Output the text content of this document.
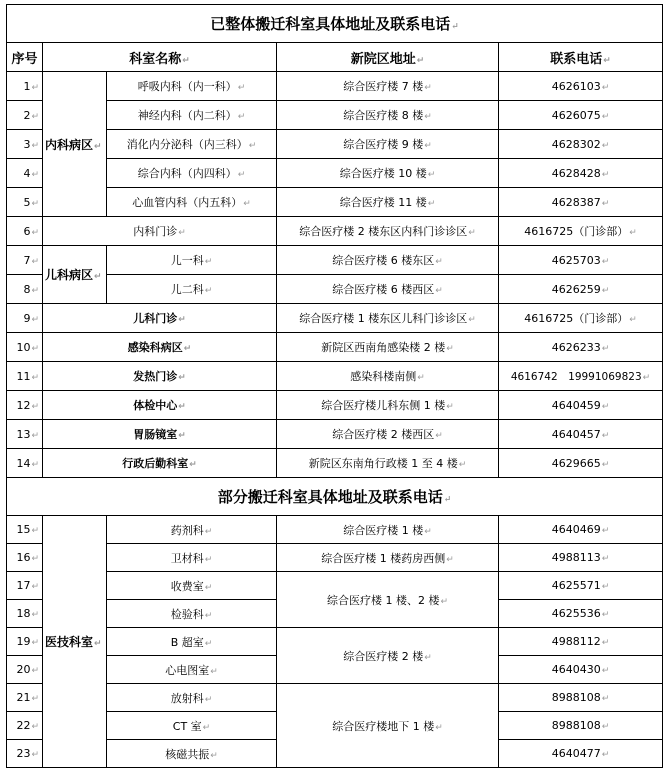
已整体搬迁科室具体地址及联系电话 ↵
序号	科室名称 ↵		新院区地址 ↵	联系电话 ↵
1 ↵	内科病区 ↵	呼吸内科（内一科） ↵	综合医疗楼 7 楼 ↵	4626103 ↵
2 ↵		神经内科（内二科） ↵	综合医疗楼 8 楼 ↵	4626075 ↵
3 ↵		消化内分泌科（内三科） ↵	综合医疗楼 9 楼 ↵	4628302 ↵
4 ↵		综合内科（内四科） ↵	综合医疗楼 10 楼 ↵	4628428 ↵
5 ↵		心血管内科（内五科） ↵	综合医疗楼 11 楼 ↵	4628387 ↵
6 ↵	内科门诊 ↵		综合医疗楼 2 楼东区内科门诊诊区 ↵	4616725（门诊部） ↵
7 ↵	儿科病区 ↵	儿一科 ↵	综合医疗楼 6 楼东区 ↵	4625703 ↵
8 ↵		儿二科 ↵	综合医疗楼 6 楼西区 ↵	4626259 ↵
9 ↵	儿科门诊 ↵		综合医疗楼 1 楼东区儿科门诊诊区 ↵	4616725（门诊部） ↵
10 ↵	感染科病区 ↵		新院区西南角感染楼 2 楼 ↵	4626233 ↵
11 ↵	发热门诊 ↵		感染科楼南侧 ↵	4616742　19991069823 ↵
12 ↵	体检中心 ↵		综合医疗楼儿科东侧 1 楼 ↵	4640459 ↵
13 ↵	胃肠镜室 ↵		综合医疗楼 2 楼西区 ↵	4640457 ↵
14 ↵	行政后勤科室 ↵		新院区东南角行政楼 1 至 4 楼 ↵	4629665 ↵
部分搬迁科室具体地址及联系电话 ↵
15 ↵	医技科室 ↵	药剂科 ↵	综合医疗楼 1 楼 ↵	4640469 ↵
16 ↵		卫材科 ↵	综合医疗楼 1 楼药房西侧 ↵	4988113 ↵
17 ↵		收费室 ↵	综合医疗楼 1 楼、2 楼 ↵	4625571 ↵
18 ↵		检验科 ↵		4625536 ↵
19 ↵		B 超室 ↵	综合医疗楼 2 楼 ↵	4988112 ↵
20 ↵		心电图室 ↵		4640430 ↵
21 ↵		放射科 ↵	综合医疗楼地下 1 楼 ↵	8988108 ↵
22 ↵		CT 室 ↵		8988108 ↵
23 ↵		核磁共振 ↵		4640477 ↵
